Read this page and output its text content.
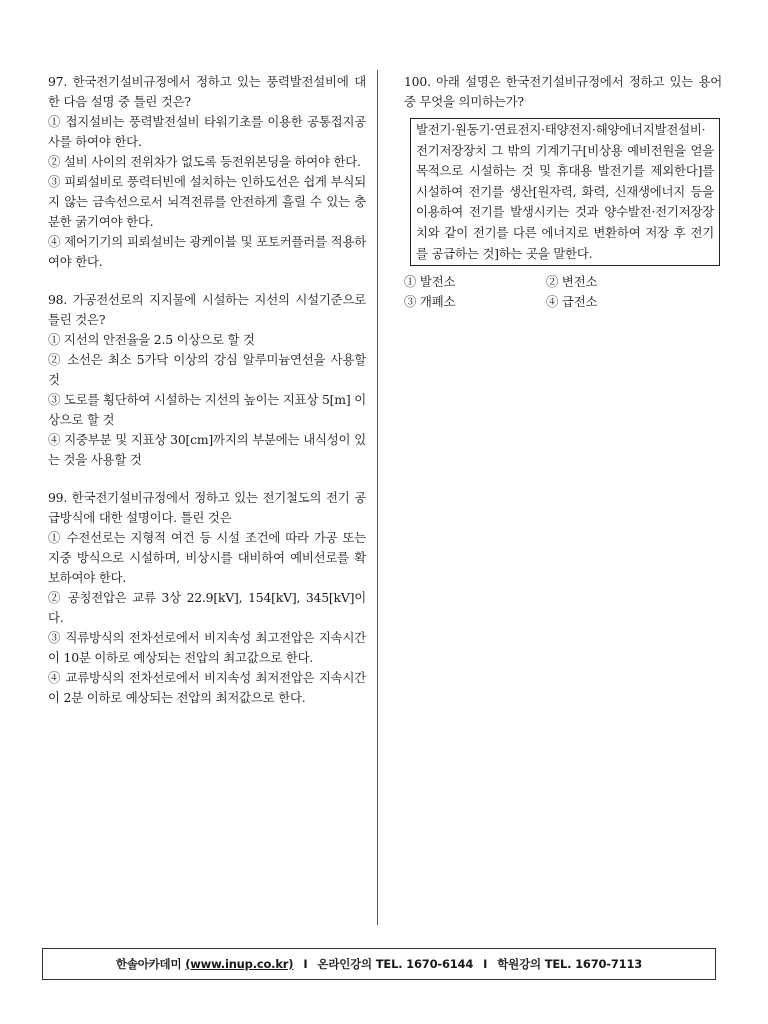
97. 한국전기설비규정에서 정하고 있는 풍력발전설비에 대한 다음 설명 중 틀린 것은?

① 접지설비는 풍력발전설비 타워기초를 이용한 공통접지공사를 하여야 한다.

② 설비 사이의 전위차가 없도록 등전위본딩을 하여야 한다.

③ 피뢰설비로 풍력터빈에 설치하는 인하도선은 쉽게 부식되지 않는 금속선으로서 뇌격전류를 안전하게 흘릴 수 있는 충분한 굵기여야 한다.

④ 제어기기의 피뢰설비는 광케이블 및 포토커플러를 적용하여야 한다.

98. 가공전선로의 지지물에 시설하는 지선의 시설기준으로 틀린 것은?

① 지선의 안전율을 2.5 이상으로 할 것

② 소선은 최소 5가닥 이상의 강심 알루미늄연선을 사용할 것

③ 도로를 횡단하여 시설하는 지선의 높이는 지표상 5[m] 이상으로 할 것

④ 지중부분 및 지표상 30[cm]까지의 부분에는 내식성이 있는 것을 사용할 것

99. 한국전기설비규정에서 정하고 있는 전기철도의 전기 공급방식에 대한 설명이다. 틀린 것은

① 수전선로는 지형적 여건 등 시설 조건에 따라 가공 또는 지중 방식으로 시설하며, 비상시를 대비하여 예비선로를 확보하여야 한다.

② 공칭전압은 교류 3상 22.9[kV], 154[kV], 345[kV]이다.

③ 직류방식의 전차선로에서 비지속성 최고전압은 지속시간이 10분 이하로 예상되는 전압의 최고값으로 한다.

④ 교류방식의 전차선로에서 비지속성 최저전압은 지속시간이 2분 이하로 예상되는 전압의 최저값으로 한다.

100. 아래 설명은 한국전기설비규정에서 정하고 있는 용어 중 무엇을 의미하는가?

발전기·원동기·연료전지·태양전지·해양에너지발전설비·전기저장장치 그 밖의 기계기구[비상용 예비전원을 얻을 목적으로 시설하는 것 및 휴대용 발전기를 제외한다]를 시설하여 전기를 생산[원자력, 화력, 신재생에너지 등을 이용하여 전기를 발생시키는 것과 양수발전·전기저장장치와 같이 전기를 다른 에너지로 변환하여 저장 후 전기를 공급하는 것]하는 곳을 말한다.
① 발전소	② 변전소
③ 개폐소	④ 급전소
한솔아카데미
(www.inup.co.kr) I 온라인강의 TEL. 1670-6144 I 학원강의 TEL. 1670-7113
